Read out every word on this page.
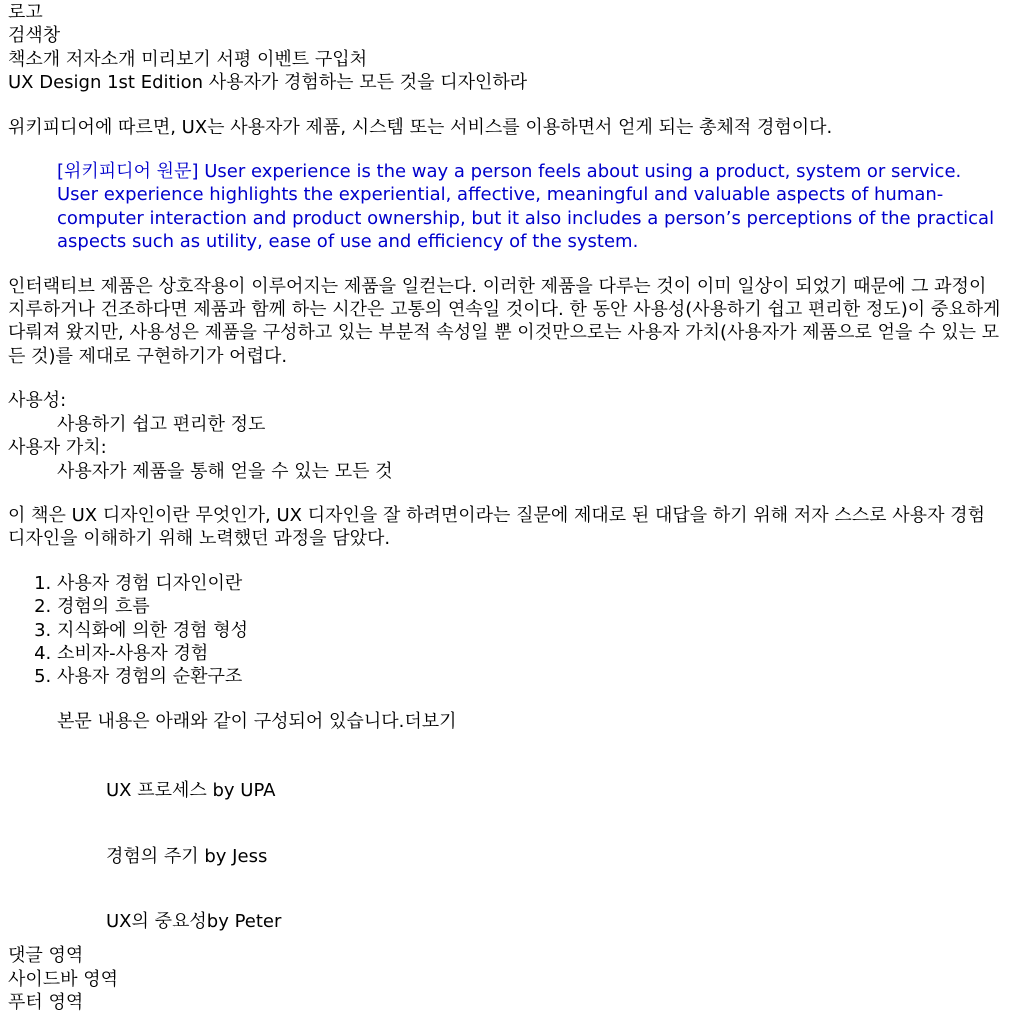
로고
검색창
책소개 저자소개 미리보기 서평 이벤트 구입처
UX Design 1st Edition 사용자가 경험하는 모든 것을 디자인하라

위키피디어에 따르면, UX는 사용자가 제품, 시스템 또는 서비스를 이용하면서 얻게 되는 총체적 경험이다.

[위키피디어 원문] User experience is the way a person feels about using a product, system or service. User experience highlights the experiential, affective, meaningful and valuable aspects of human-computer interaction and product ownership, but it also includes a person’s perceptions of the practical aspects such as utility, ease of use and efficiency of the system.

인터랙티브 제품은 상호작용이 이루어지는 제품을 일컫는다. 이러한 제품을 다루는 것이 이미 일상이 되었기 때문에 그 과정이 지루하거나 건조하다면 제품과 함께 하는 시간은 고통의 연속일 것이다. 한 동안 사용성(사용하기 쉽고 편리한 정도)이 중요하게 다뤄져 왔지만, 사용성은 제품을 구성하고 있는 부분적 속성일 뿐 이것만으로는 사용자 가치(사용자가 제품으로 얻을 수 있는 모든 것)를 제대로 구현하기가 어렵다.

사용성:
사용하기 쉽고 편리한 정도
사용자 가치:
사용자가 제품을 통해 얻을 수 있는 모든 것

이 책은 UX 디자인이란 무엇인가, UX 디자인을 잘 하려면이라는 질문에 제대로 된 대답을 하기 위해 저자 스스로 사용자 경험 디자인을 이해하기 위해 노력했던 과정을 담았다.

1. 사용자 경험 디자인이란
2. 경험의 흐름
3. 지식화에 의한 경험 형성
4. 소비자-사용자 경험
5. 사용자 경험의 순환구조

본문 내용은 아래와 같이 구성되어 있습니다.더보기

UX 프로세스 by UPA
경험의 주기 by Jess
UX의 중요성by Peter
댓글 영역
사이드바 영역
푸터 영역
